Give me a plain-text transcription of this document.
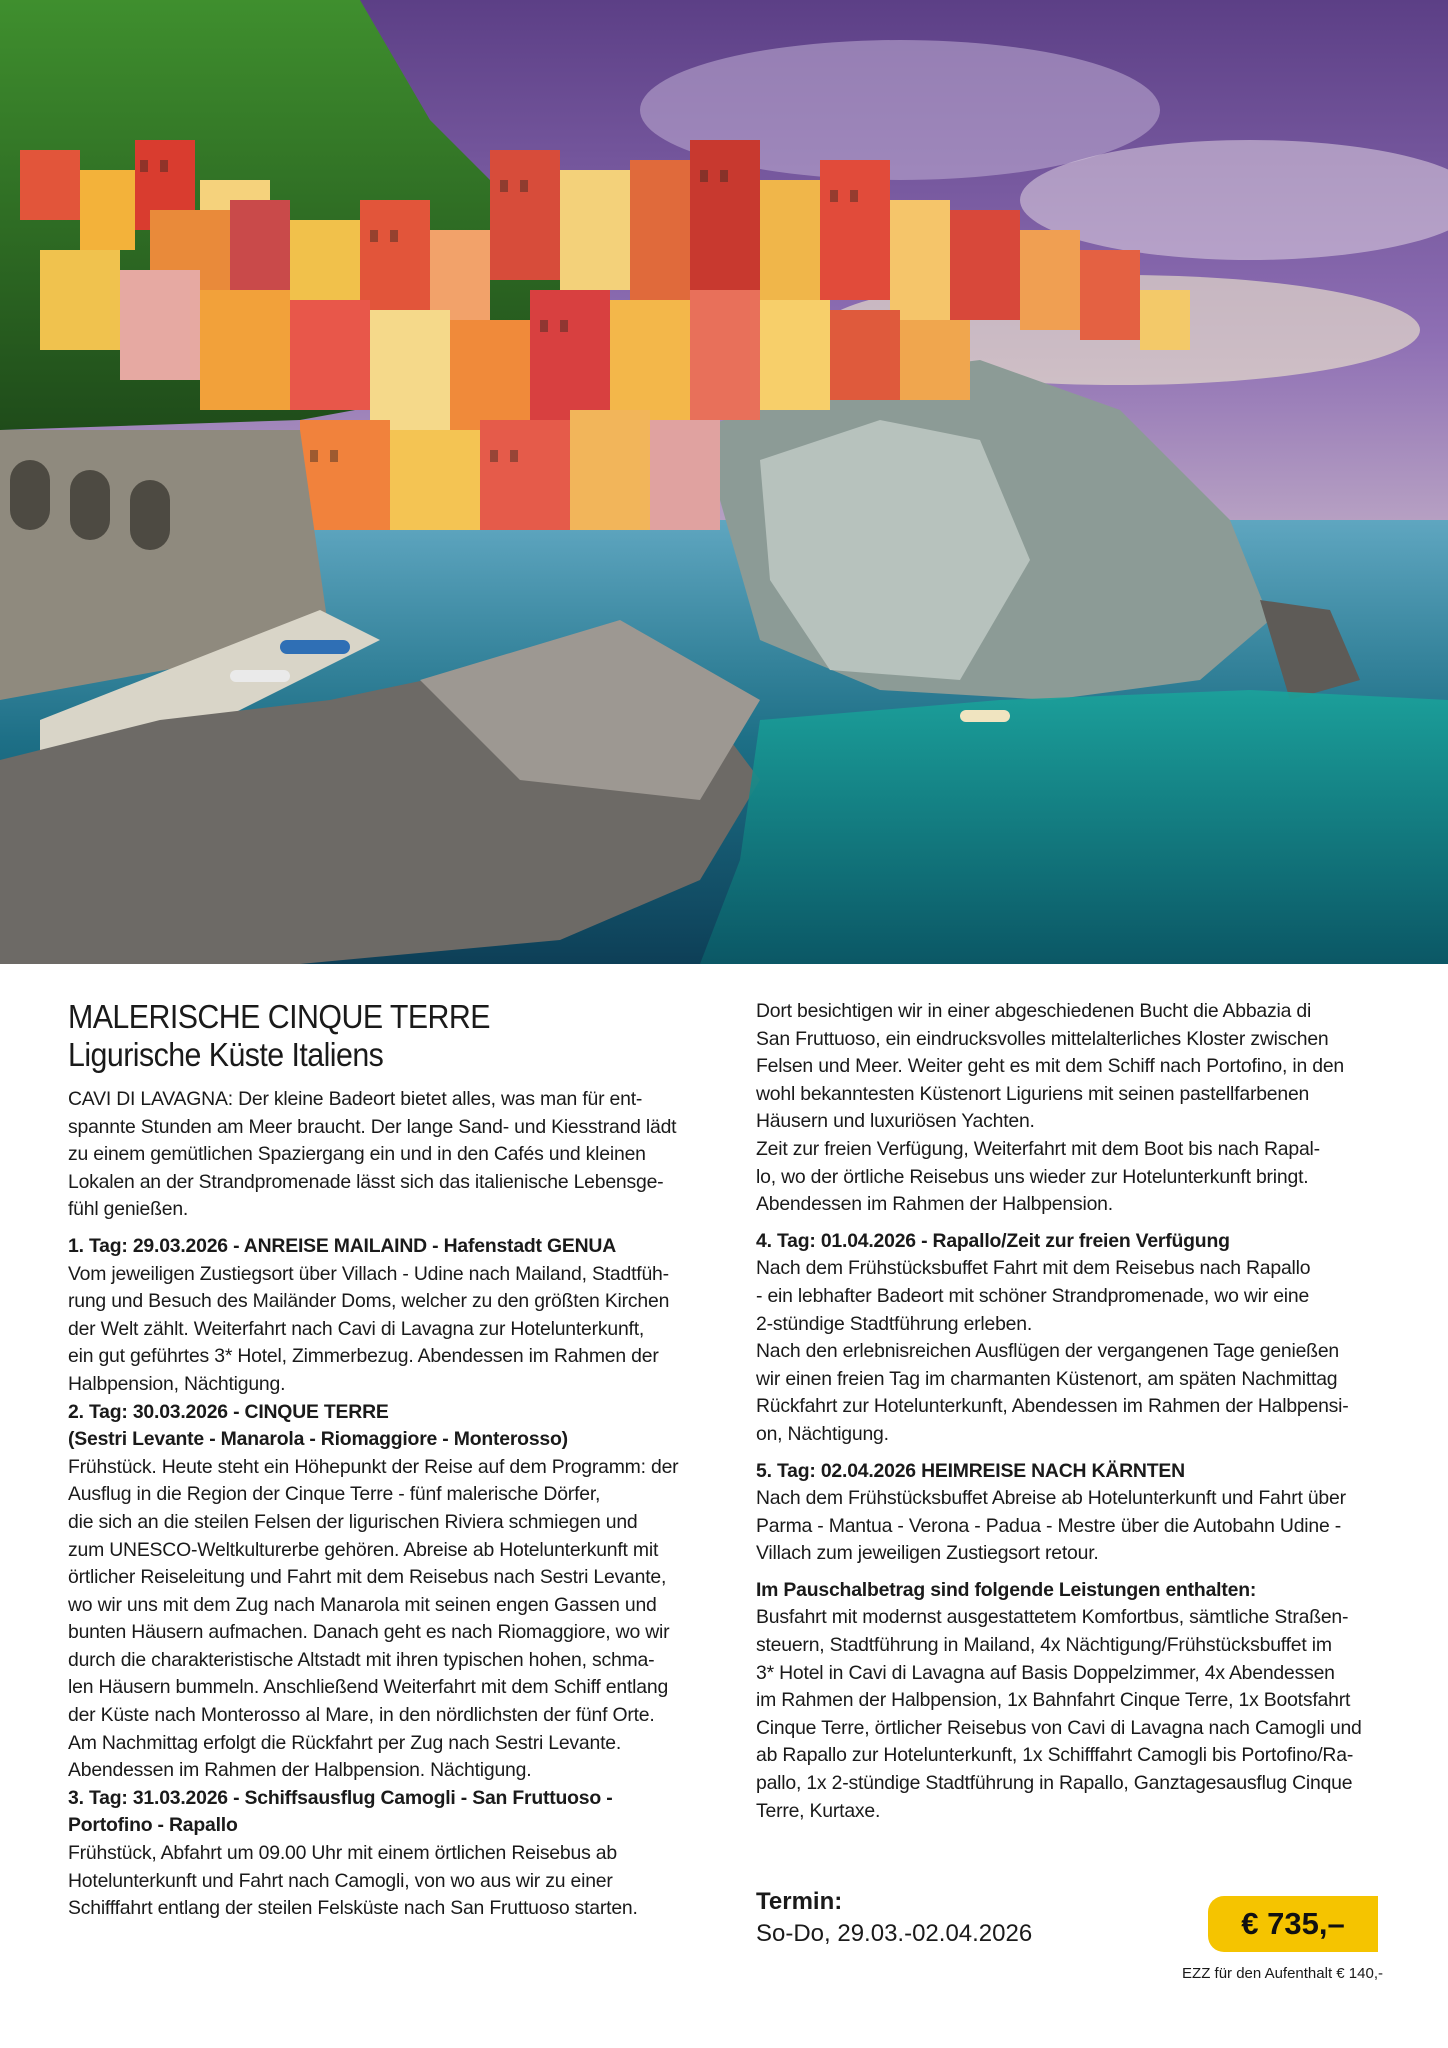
MALERISCHE CINQUE TERRE
Ligurische Küste Italiens

CAVI DI LAVAGNA: Der kleine Badeort bietet alles, was man für ent-
spannte Stunden am Meer braucht. Der lange Sand- und Kiesstrand lädt
zu einem gemütlichen Spaziergang ein und in den Cafés und kleinen
Lokalen an der Strandpromenade lässt sich das italienische Lebensge-
fühl genießen.

1. Tag: 29.03.2026 - ANREISE MAILAIND - Hafenstadt GENUA

Vom jeweiligen Zustiegsort über Villach - Udine nach Mailand, Stadtfüh-
rung und Besuch des Mailänder Doms, welcher zu den größten Kirchen
der Welt zählt. Weiterfahrt nach Cavi di Lavagna zur Hotelunterkunft,
ein gut geführtes 3* Hotel, Zimmerbezug. Abendessen im Rahmen der
Halbpension, Nächtigung.

2. Tag: 30.03.2026 - CINQUE TERRE
(Sestri Levante - Manarola - Riomaggiore - Monterosso)

Frühstück. Heute steht ein Höhepunkt der Reise auf dem Programm: der
Ausflug in die Region der Cinque Terre - fünf malerische Dörfer,
die sich an die steilen Felsen der ligurischen Riviera schmiegen und
zum UNESCO-Weltkulturerbe gehören. Abreise ab Hotelunterkunft mit
örtlicher Reiseleitung und Fahrt mit dem Reisebus nach Sestri Levante,
wo wir uns mit dem Zug nach Manarola mit seinen engen Gassen und
bunten Häusern aufmachen. Danach geht es nach Riomaggiore, wo wir
durch die charakteristische Altstadt mit ihren typischen hohen, schma-
len Häusern bummeln. Anschließend Weiterfahrt mit dem Schiff entlang
der Küste nach Monterosso al Mare, in den nördlichsten der fünf Orte.
Am Nachmittag erfolgt die Rückfahrt per Zug nach Sestri Levante.
Abendessen im Rahmen der Halbpension. Nächtigung.

3. Tag: 31.03.2026 - Schiffsausflug Camogli - San Fruttuoso -
Portofino - Rapallo

Frühstück, Abfahrt um 09.00 Uhr mit einem örtlichen Reisebus ab
Hotelunterkunft und Fahrt nach Camogli, von wo aus wir zu einer
Schifffahrt entlang der steilen Felsküste nach San Fruttuoso starten.

Dort besichtigen wir in einer abgeschiedenen Bucht die Abbazia di
San Fruttuoso, ein eindrucksvolles mittelalterliches Kloster zwischen
Felsen und Meer. Weiter geht es mit dem Schiff nach Portofino, in den
wohl bekanntesten Küstenort Liguriens mit seinen pastellfarbenen
Häusern und luxuriösen Yachten.
Zeit zur freien Verfügung, Weiterfahrt mit dem Boot bis nach Rapal-
lo, wo der örtliche Reisebus uns wieder zur Hotelunterkunft bringt.
Abendessen im Rahmen der Halbpension.

4. Tag: 01.04.2026 - Rapallo/Zeit zur freien Verfügung

Nach dem Frühstücksbuffet Fahrt mit dem Reisebus nach Rapallo
- ein lebhafter Badeort mit schöner Strandpromenade, wo wir eine
2-stündige Stadtführung erleben.
Nach den erlebnisreichen Ausflügen der vergangenen Tage genießen
wir einen freien Tag im charmanten Küstenort, am späten Nachmittag
Rückfahrt zur Hotelunterkunft, Abendessen im Rahmen der Halbpensi-
on, Nächtigung.

5. Tag: 02.04.2026 HEIMREISE NACH KÄRNTEN

Nach dem Frühstücksbuffet Abreise ab Hotelunterkunft und Fahrt über
Parma - Mantua - Verona - Padua - Mestre über die Autobahn Udine -
Villach zum jeweiligen Zustiegsort retour.

Im Pauschalbetrag sind folgende Leistungen enthalten:

Busfahrt mit modernst ausgestattetem Komfortbus, sämtliche Straßen-
steuern, Stadtführung in Mailand, 4x Nächtigung/Frühstücksbuffet im
3* Hotel in Cavi di Lavagna auf Basis Doppelzimmer, 4x Abendessen
im Rahmen der Halbpension, 1x Bahnfahrt Cinque Terre, 1x Bootsfahrt
Cinque Terre, örtlicher Reisebus von Cavi di Lavagna nach Camogli und
ab Rapallo zur Hotelunterkunft, 1x Schifffahrt Camogli bis Portofino/Ra-
pallo, 1x 2-stündige Stadtführung in Rapallo, Ganztagesausflug Cinque
Terre, Kurtaxe.

Termin:
So-Do, 29.03.-02.04.2026	€ 735,–
EZZ für den Aufenthalt € 140,-
